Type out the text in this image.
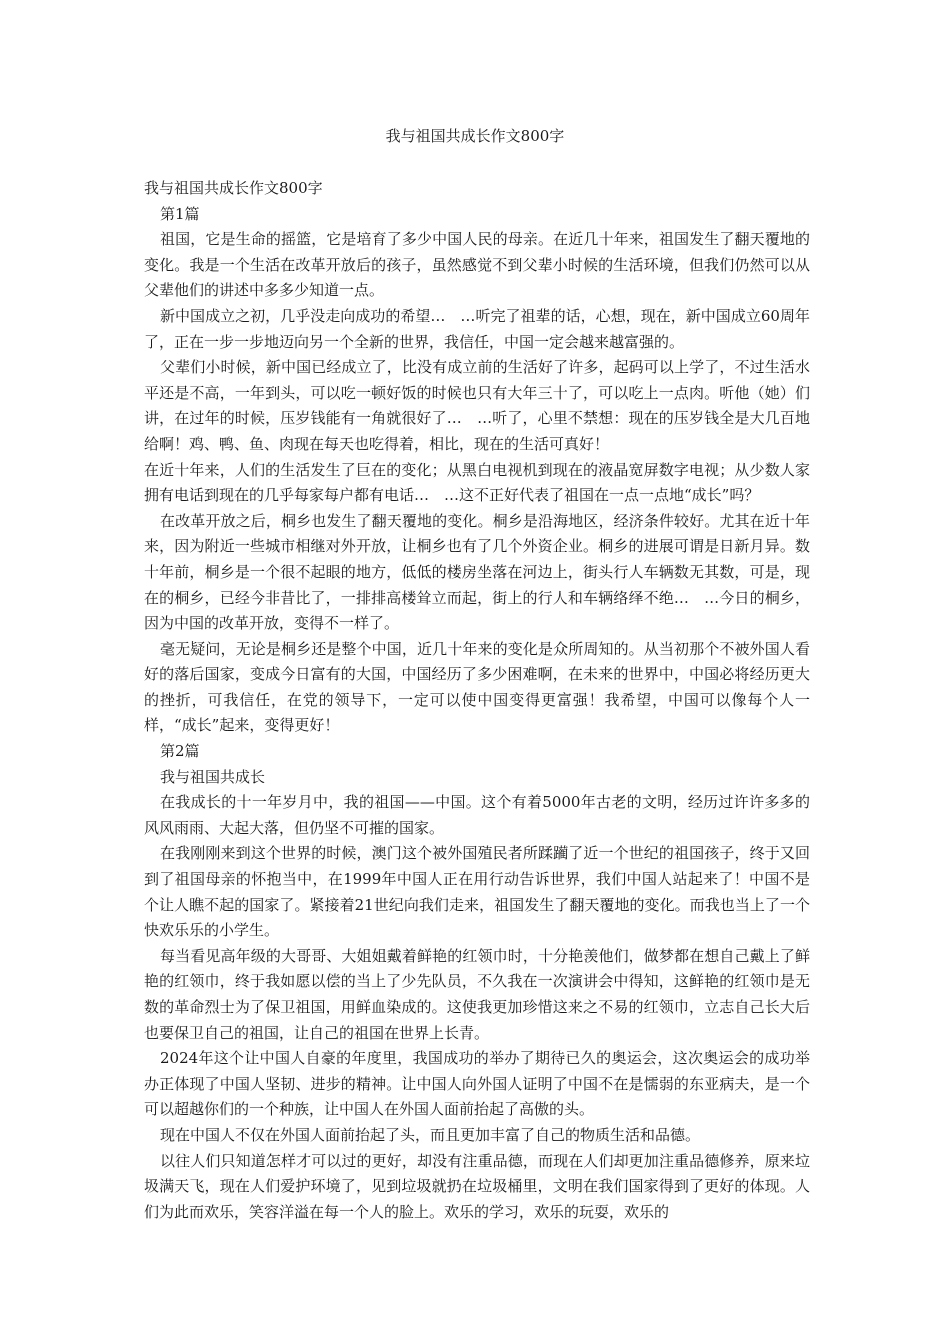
我与祖国共成长作文800字

我与祖国共成长作文800字

第1篇

祖国，它是生命的摇篮，它是培育了多少中国人民的母亲。在近几十年来，祖国发生了翻天覆地的变化。我是一个生活在改革开放后的孩子，虽然感觉不到父辈小时候的生活环境，但我们仍然可以从父辈他们的讲述中多多少知道一点。

新中国成立之初，几乎没走向成功的希望…　…听完了祖辈的话，心想，现在，新中国成立60周年了，正在一步一步地迈向另一个全新的世界，我信任，中国一定会越来越富强的。

父辈们小时候，新中国已经成立了，比没有成立前的生活好了许多，起码可以上学了，不过生活水平还是不高，一年到头，可以吃一顿好饭的时候也只有大年三十了，可以吃上一点肉。听他（她）们讲，在过年的时候，压岁钱能有一角就很好了…　…听了，心里不禁想：现在的压岁钱全是大几百地给啊！鸡、鸭、鱼、肉现在每天也吃得着，相比，现在的生活可真好！

在近十年来，人们的生活发生了巨在的变化；从黑白电视机到现在的液晶宽屏数字电视；从少数人家拥有电话到现在的几乎每家每户都有电话…　…这不正好代表了祖国在一点一点地“成长”吗？

在改革开放之后，桐乡也发生了翻天覆地的变化。桐乡是沿海地区，经济条件较好。尤其在近十年来，因为附近一些城市相继对外开放，让桐乡也有了几个外资企业。桐乡的进展可谓是日新月异。数十年前，桐乡是一个很不起眼的地方，低低的楼房坐落在河边上，街头行人车辆数无其数，可是，现在的桐乡，已经今非昔比了，一排排高楼耸立而起，街上的行人和车辆络绎不绝…　…今日的桐乡，因为中国的改革开放，变得不一样了。

毫无疑问，无论是桐乡还是整个中国，近几十年来的变化是众所周知的。从当初那个不被外国人看好的落后国家，变成今日富有的大国，中国经历了多少困难啊，在未来的世界中，中国必将经历更大的挫折，可我信任，在党的领导下，一定可以使中国变得更富强！我希望，中国可以像每个人一样，“成长”起来，变得更好！

第2篇

我与祖国共成长

在我成长的十一年岁月中，我的祖国——中国。这个有着5000年古老的文明，经历过许许多多的风风雨雨、大起大落，但仍坚不可摧的国家。

在我刚刚来到这个世界的时候，澳门这个被外国殖民者所蹂躏了近一个世纪的祖国孩子，终于又回到了祖国母亲的怀抱当中，在1999年中国人正在用行动告诉世界，我们中国人站起来了！中国不是个让人瞧不起的国家了。紧接着21世纪向我们走来，祖国发生了翻天覆地的变化。而我也当上了一个快欢乐乐的小学生。

每当看见高年级的大哥哥、大姐姐戴着鲜艳的红领巾时，十分艳羡他们，做梦都在想自己戴上了鲜艳的红领巾，终于我如愿以偿的当上了少先队员，不久我在一次演讲会中得知，这鲜艳的红领巾是无数的革命烈士为了保卫祖国，用鲜血染成的。这使我更加珍惜这来之不易的红领巾，立志自己长大后也要保卫自己的祖国，让自己的祖国在世界上长青。

2024年这个让中国人自豪的年度里，我国成功的举办了期待已久的奥运会，这次奥运会的成功举办正体现了中国人坚韧、进步的精神。让中国人向外国人证明了中国不在是懦弱的东亚病夫，是一个可以超越你们的一个种族，让中国人在外国人面前抬起了高傲的头。

现在中国人不仅在外国人面前抬起了头，而且更加丰富了自己的物质生活和品德。

以往人们只知道怎样才可以过的更好，却没有注重品德，而现在人们却更加注重品德修养，原来垃圾满天飞，现在人们爱护环境了，见到垃圾就扔在垃圾桶里，文明在我们国家得到了更好的体现。人们为此而欢乐，笑容洋溢在每一个人的脸上。欢乐的学习，欢乐的玩耍，欢乐的
